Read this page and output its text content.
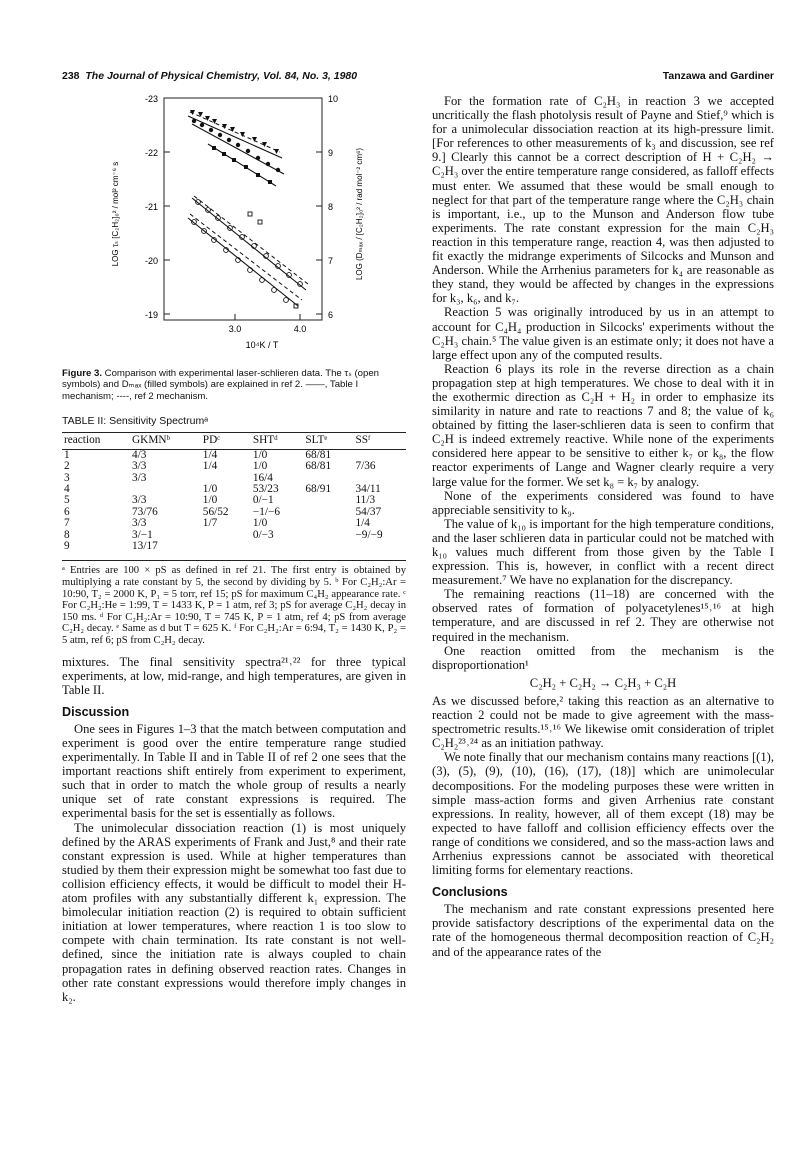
238 The Journal of Physical Chemistry, Vol. 84, No. 3, 1980	Tanzawa and Gardiner
-23
-22
-21
-20
-19
10
9
8
7
6
3.0	4.0
10⁴K / T
LOG τₛ [C₂H₂]₀² / mol² cm⁻⁶ s	LOG (Dₘₐₓ / [C₂H₂]₀² / rad mol⁻² cm⁶)
Figure 3. Comparison with experimental laser-schlieren data. The τₛ (open symbols) and Dₘₐₓ (filled symbols) are explained in ref 2. ——, Table I mechanism; ----, ref 2 mechanism.
TABLE II: Sensitivity Spectrumᵃ
reaction	GKMNᵇ	PDᶜ	SHTᵈ	SLTᵉ	SSᶠ
1	4/3	1/4	1/0	68/81	
2	3/3	1/4	1/0	68/81	7/36
3	3/3		16/4		
4		1/0	53/23	68/91	34/11
5	3/3	1/0	0/−1		11/3
6	73/76	56/52	−1/−6		54/37
7	3/3	1/7	1/0		1/4
8	3/−1		0/−3		−9/−9
9	13/17				
ᵃ Entries are 100 × pS as defined in ref 21. The first entry is obtained by multiplying a rate constant by 5, the second by dividing by 5. ᵇ For C₂H₂:Ar = 10:90, T₂ = 2000 K, P₁ = 5 torr, ref 15; pS for maximum C₄H₂ appearance rate. ᶜ For C₂H₂:He = 1:99, T = 1433 K, P = 1 atm, ref 3; pS for average C₂H₂ decay in 150 ms. ᵈ For C₂H₂:Ar = 10:90, T = 745 K, P = 1 atm, ref 4; pS from average C₂H₂ decay. ᵉ Same as d but T = 625 K. ᶠ For C₂H₂:Ar = 6:94, T₂ = 1430 K, P₂ = 5 atm, ref 6; pS from C₂H₂ decay.

mixtures. The final sensitivity spectra²¹˒²² for three typical experiments, at low, mid-range, and high temperatures, are given in Table II.

Discussion

One sees in Figures 1–3 that the match between computation and experiment is good over the entire temperature range studied experimentally. In Table II and in Table II of ref 2 one sees that the important reactions shift entirely from experiment to experiment, such that in order to match the whole group of results a nearly unique set of rate constant expressions is required. The experimental basis for the set is essentially as follows.

The unimolecular dissociation reaction (1) is most uniquely defined by the ARAS experiments of Frank and Just,⁸ and their rate constant expression is used. While at higher temperatures than studied by them their expression might be somewhat too fast due to collision efficiency effects, it would be difficult to model their H-atom profiles with any substantially different k₁ expression. The bimolecular initiation reaction (2) is required to obtain sufficient initiation at lower temperatures, where reaction 1 is too slow to compete with chain termination. Its rate constant is not well-defined, since the initiation rate is always coupled to chain propagation rates in defining observed reaction rates. Changes in other rate constant expressions would therefore imply changes in k₂.

For the formation rate of C₂H₃ in reaction 3 we accepted uncritically the flash photolysis result of Payne and Stief,⁹ which is for a unimolecular dissociation reaction at its high-pressure limit. [For references to other measurements of k₃ and discussion, see ref 9.] Clearly this cannot be a correct description of H + C₂H₂ → C₂H₃ over the entire temperature range considered, as falloff effects must enter. We assumed that these would be small enough to neglect for that part of the temperature range where the C₂H₃ chain is important, i.e., up to the Munson and Anderson flow tube experiments. The rate constant expression for the main C₂H₃ reaction in this temperature range, reaction 4, was then adjusted to fit exactly the midrange experiments of Silcocks and Munson and Anderson. While the Arrhenius parameters for k₄ are reasonable as they stand, they would be affected by changes in the expressions for k₃, k₆, and k₇.

Reaction 5 was originally introduced by us in an attempt to account for C₄H₄ production in Silcocks' experiments without the C₂H₃ chain.⁵ The value given is an estimate only; it does not have a large effect upon any of the computed results.

Reaction 6 plays its role in the reverse direction as a chain propagation step at high temperatures. We chose to deal with it in the exothermic direction as C₂H + H₂ in order to emphasize its similarity in nature and rate to reactions 7 and 8; the value of k₆ obtained by fitting the laser-schlieren data is seen to confirm that C₂H is indeed extremely reactive. While none of the experiments considered here appear to be sensitive to either k₇ or k₈, the flow reactor experiments of Lange and Wagner clearly require a very large value for the former. We set k₈ = k₇ by analogy.

None of the experiments considered was found to have appreciable sensitivity to k₉.

The value of k₁₀ is important for the high temperature conditions, and the laser schlieren data in particular could not be matched with k₁₀ values much different from those given by the Table I expression. This is, however, in conflict with a recent direct measurement.⁷ We have no explanation for the discrepancy.

The remaining reactions (11–18) are concerned with the observed rates of formation of polyacetylenes¹⁵˒¹⁶ at high temperature, and are discussed in ref 2. They are otherwise not required in the mechanism.

One reaction omitted from the mechanism is the disproportionation¹

C₂H₂ + C₂H₂ → C₂H₃ + C₂H

As we discussed before,² taking this reaction as an alternative to reaction 2 could not be made to give agreement with the mass-spectrometric results.¹⁵˒¹⁶ We likewise omit consideration of triplet C₂H₂²³˒²⁴ as an initiation pathway.

We note finally that our mechanism contains many reactions [(1), (3), (5), (9), (10), (16), (17), (18)] which are unimolecular decompositions. For the modeling purposes these were written in simple mass-action forms and given Arrhenius rate constant expressions. In reality, however, all of them except (18) may be expected to have falloff and collision efficiency effects over the range of conditions we considered, and so the mass-action laws and Arrhenius expressions cannot be associated with theoretical limiting forms for elementary reactions.

Conclusions

The mechanism and rate constant expressions presented here provide satisfactory descriptions of the experimental data on the rate of the homogeneous thermal decomposition reaction of C₂H₂ and of the appearance rates of the
